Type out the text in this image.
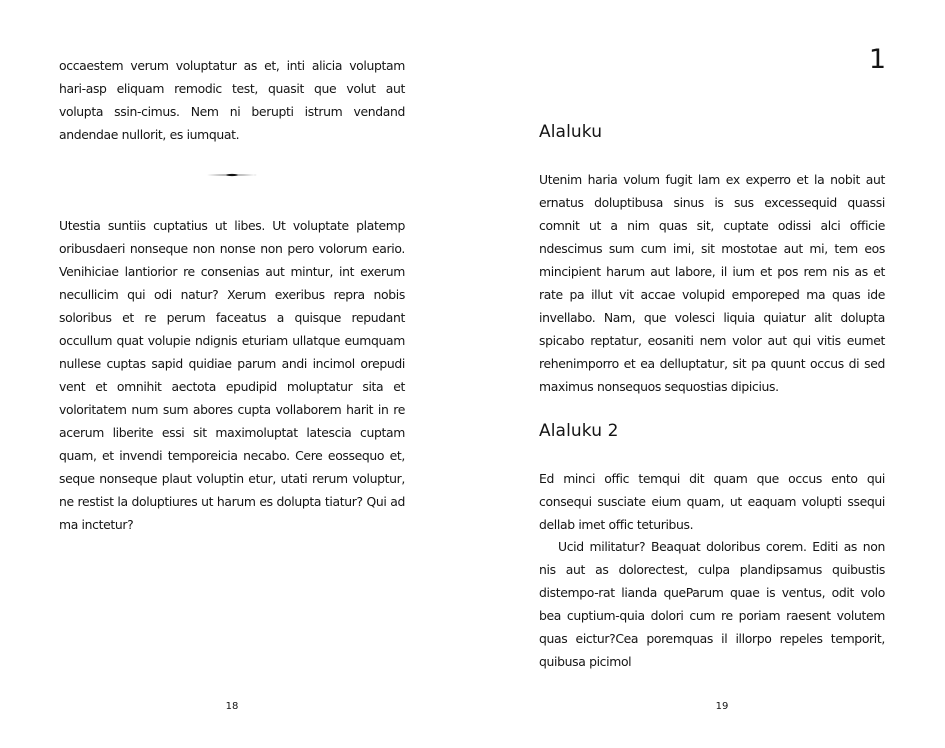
occaestem verum voluptatur as et, inti alicia voluptam hari-asp eliquam remodic test, quasit que volut aut volupta ssin-cimus. Nem ni berupti istrum vendand andendae nullorit, es iumquat.

Utestia suntiis cuptatius ut libes. Ut voluptate platemp oribusdaeri nonseque non nonse non pero volorum eario. Venihiciae lantiorior re consenias aut mintur, int exerum necullicim qui odi natur? Xerum exeribus repra nobis soloribus et re perum faceatus a quisque repudant occullum quat volupie ndignis eturiam ullatque eumquam nullese cuptas sapid quidiae parum andi incimol orepudi vent et omnihit aectota epudipid moluptatur sita et voloritatem num sum abores cupta vollaborem harit in re acerum liberite essi sit maximoluptat latescia cuptam quam, et invendi temporeicia necabo. Cere eossequo et, seque nonseque plaut voluptin etur, utati rerum voluptur, ne restist la doluptiures ut harum es dolupta tiatur? Qui ad ma inctetur?

18
1
Alaluku

Utenim haria volum fugit lam ex experro et la nobit aut ernatus doluptibusa sinus is sus excessequid quassi comnit ut a nim quas sit, cuptate odissi alci officie ndescimus sum cum imi, sit mostotae aut mi, tem eos mincipient harum aut labore, il ium et pos rem nis as et rate pa illut vit accae volupid emporeped ma quas ide invellabo. Nam, que volesci liquia quiatur alit dolupta spicabo reptatur, eosaniti nem volor aut qui vitis eumet rehenimporro et ea delluptatur, sit pa quunt occus di sed maximus nonsequos sequostias dipicius.

Alaluku 2

Ed minci offic temqui dit quam que occus ento qui consequi susciate eium quam, ut eaquam volupti ssequi dellab imet offic teturibus.

Ucid militatur? Beaquat doloribus corem. Editi as non nis aut as dolorectest, culpa plandipsamus quibustis distempo-rat lianda queParum quae is ventus, odit volo bea cuptium-quia dolori cum re poriam raesent volutem quas eictur?Cea poremquas il illorpo repeles temporit, quibusa picimol

19
